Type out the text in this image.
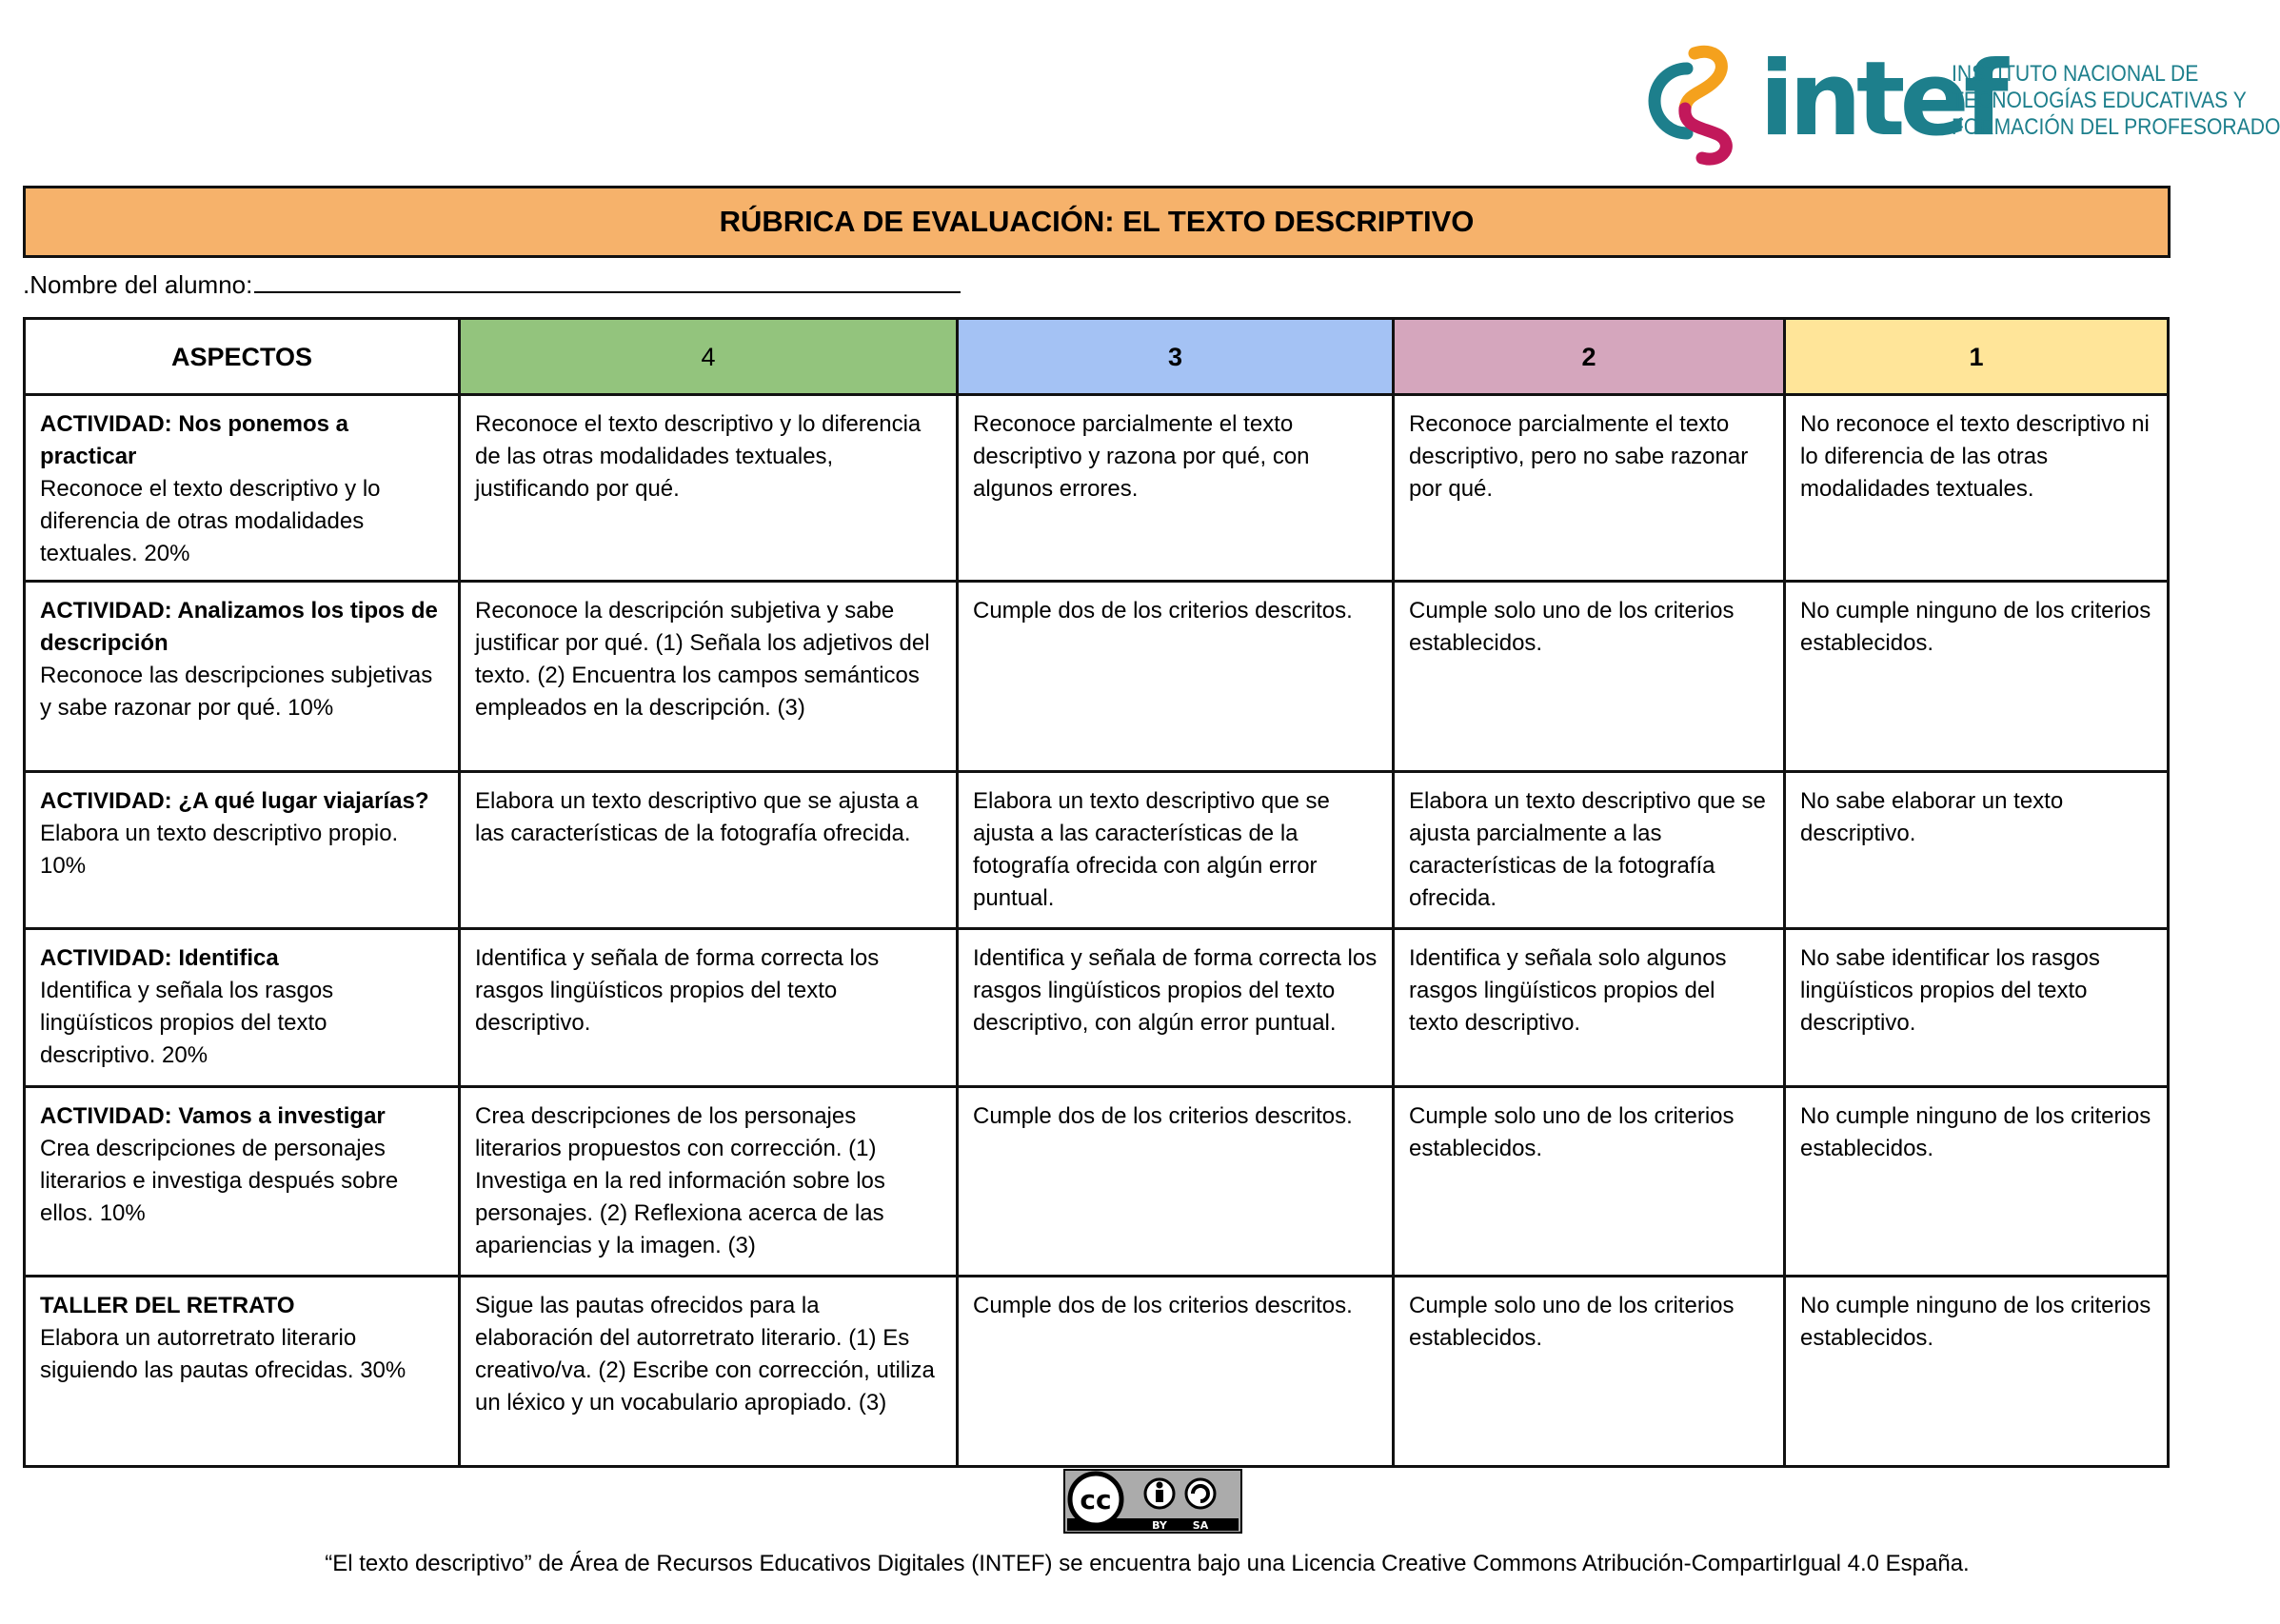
intef
INSTITUTO NACIONAL DE
TECNOLOGÍAS EDUCATIVAS Y
FORMACIÓN DEL PROFESORADO
RÚBRICA DE EVALUACIÓN: EL TEXTO DESCRIPTIVO
.Nombre del alumno:
ASPECTOS	4	3	2	1

ACTIVIDAD: Nos ponemos a practicar
Reconoce el texto descriptivo y lo diferencia de otras modalidades textuales. 20%	Reconoce el texto descriptivo y lo diferencia de las otras modalidades textuales, justificando por qué.	Reconoce parcialmente el texto descriptivo y razona por qué, con algunos errores.	Reconoce parcialmente el texto descriptivo, pero no sabe razonar por qué.	No reconoce el texto descriptivo ni lo diferencia de las otras modalidades textuales.

ACTIVIDAD: Analizamos los tipos de descripción
Reconoce las descripciones subjetivas y sabe razonar por qué. 10%	Reconoce la descripción subjetiva y sabe justificar por qué. (1) Señala los adjetivos del texto. (2) Encuentra los campos semánticos empleados en la descripción. (3)	Cumple dos de los criterios descritos.	Cumple solo uno de los criterios establecidos.	No cumple ninguno de los criterios establecidos.

ACTIVIDAD: ¿A qué lugar viajarías?
Elabora un texto descriptivo propio. 10%	Elabora un texto descriptivo que se ajusta a las características de la fotografía ofrecida.	Elabora un texto descriptivo que se ajusta a las características de la fotografía ofrecida con algún error puntual.	Elabora un texto descriptivo que se ajusta parcialmente a las características de la fotografía ofrecida.	No sabe elaborar un texto descriptivo.

ACTIVIDAD: Identifica
Identifica y señala los rasgos lingüísticos propios del texto descriptivo. 20%	Identifica y señala de forma correcta los rasgos lingüísticos propios del texto descriptivo.	Identifica y señala de forma correcta los rasgos lingüísticos propios del texto descriptivo, con algún error puntual.	Identifica y señala solo algunos rasgos lingüísticos propios del texto descriptivo.	No sabe identificar los rasgos lingüísticos propios del texto descriptivo.

ACTIVIDAD: Vamos a investigar
Crea descripciones de personajes literarios e investiga después sobre ellos. 10%	Crea descripciones de los personajes literarios propuestos con corrección. (1) Investiga en la red información sobre los personajes. (2) Reflexiona acerca de las apariencias y la imagen. (3)	Cumple dos de los criterios descritos.	Cumple solo uno de los criterios establecidos.	No cumple ninguno de los criterios establecidos.

TALLER DEL RETRATO
Elabora un autorretrato literario siguiendo las pautas ofrecidas. 30%	Sigue las pautas ofrecidos para la elaboración del autorretrato literario. (1) Es creativo/va. (2) Escribe con corrección, utiliza un léxico y un vocabulario apropiado. (3)	Cumple dos de los criterios descritos.	Cumple solo uno de los criterios establecidos.	No cumple ninguno de los criterios establecidos.
cc
BY SA
“El texto descriptivo” de Área de Recursos Educativos Digitales (INTEF) se encuentra bajo una Licencia Creative Commons Atribución-CompartirIgual 4.0 España.
